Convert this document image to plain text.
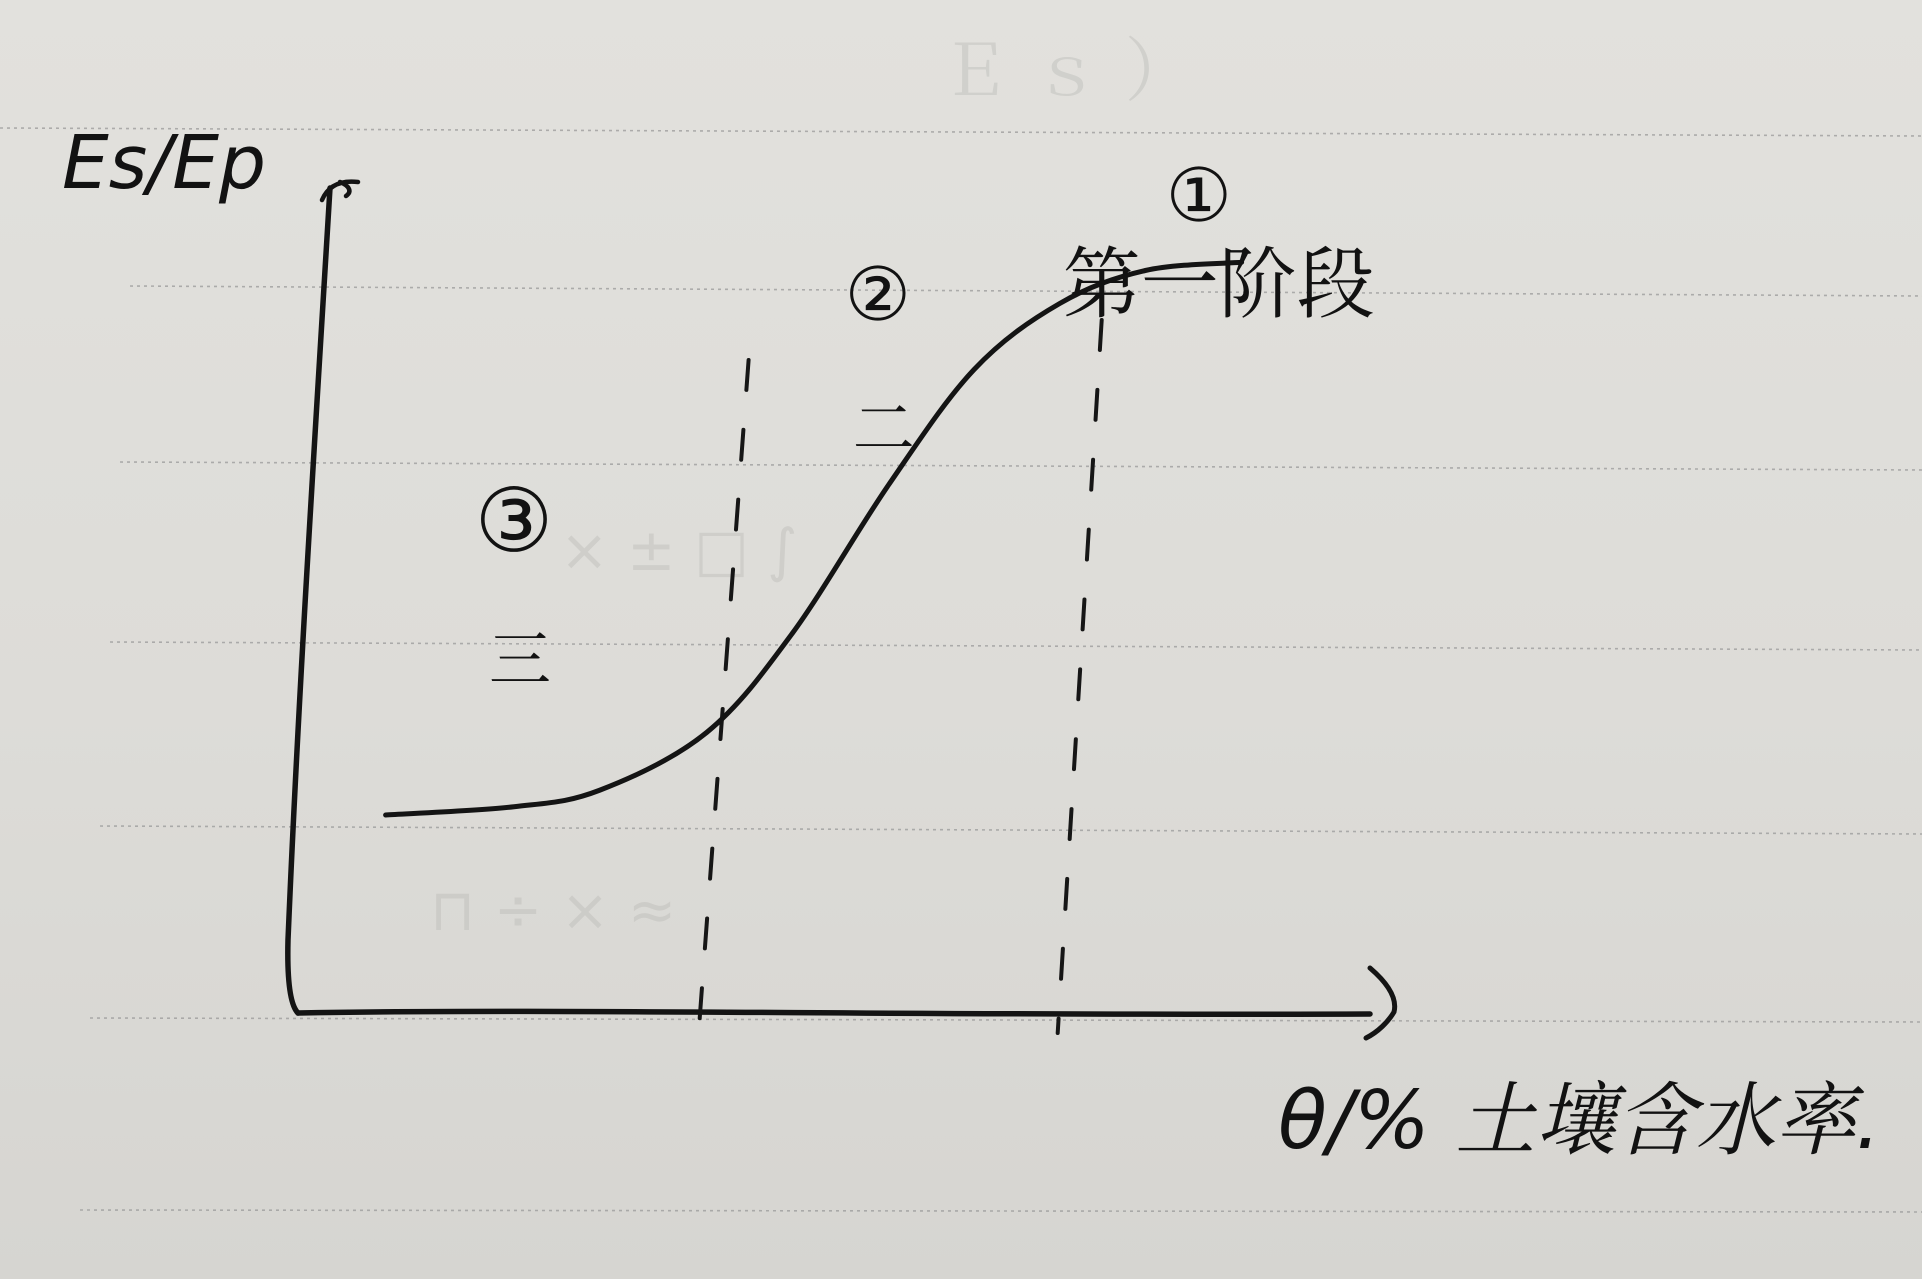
Ｅ ｓ ）
× ± □ ∫
⊓ ÷ × ≈
③
三
②
二
①
第一阶段
Es/Ep
θ/% 土壤含水率.
